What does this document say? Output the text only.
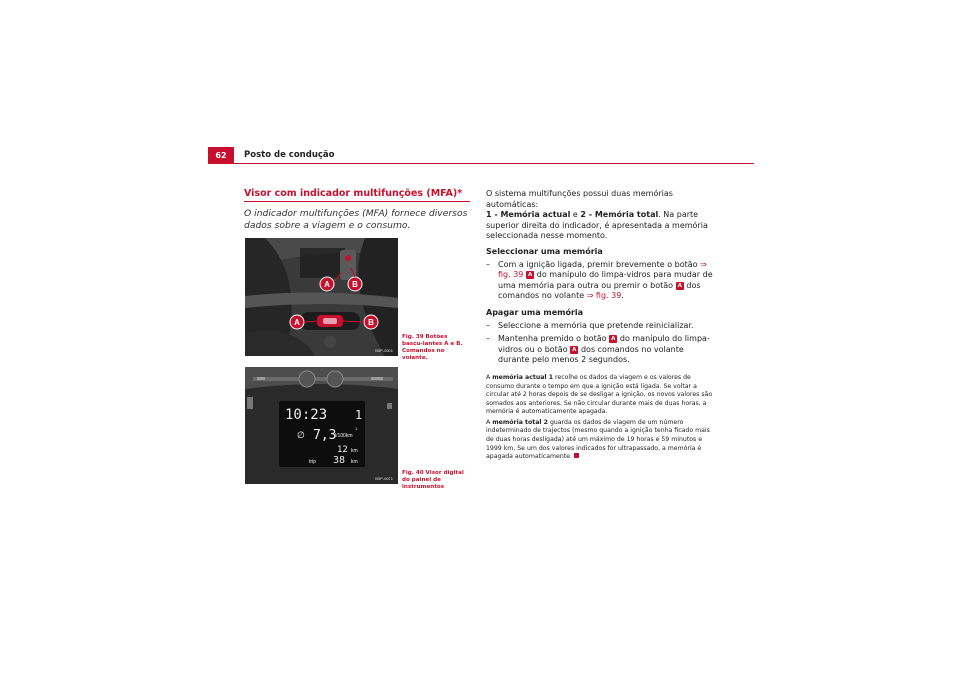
62	Posto de condução
Visor com indicador multifunções (MFA)*
O indicador multifunções (MFA) fornece diversos dados sobre a viagem e o consumo.
A	B
A	B
B5P-0501
Fig. 39 Botões bascu-lantes A e B. Comandos no volante.
10:23 1
∅ 7,3
l/100km
1
12 km
trip 38 km
B5P-0671
Fig. 40 Visor digital do painel de instrumentos

O sistema multifunções possui duas memórias automáticas:
1 - Memória actual e 2 - Memória total. Na parte superior direita do indicador, é apresentada a memória seleccionada nesse momento.

Seleccionar uma memória
– Com a ignição ligada, premir brevemente o botão ⇒ fig. 39 A do manípulo do limpa-vidros para mudar de uma memória para outra ou premir o botão A dos comandos no volante ⇒ fig. 39.
Apagar uma memória
– Seleccione a memória que pretende reinicializar.
– Mantenha premido o botão A do manípulo do limpa-vidros ou o botão A dos comandos no volante durante pelo menos 2 segundos.

A memória actual 1 recolhe os dados da viagem e os valores de consumo durante o tempo em que a ignição está ligada. Se voltar a circular até 2 horas depois de se desligar a ignição, os novos valores são somados aos anteriores. Se não circular durante mais de duas horas, a memória é automaticamente apagada.

A memória total 2 guarda os dados de viagem de um número indeterminado de trajectos (mesmo quando a ignição tenha ficado mais de duas horas desligada) até um máximo de 19 horas e 59 minutos e 1999 km. Se um dos valores indicados for ultrapassado, a memória é apagada automaticamente.
